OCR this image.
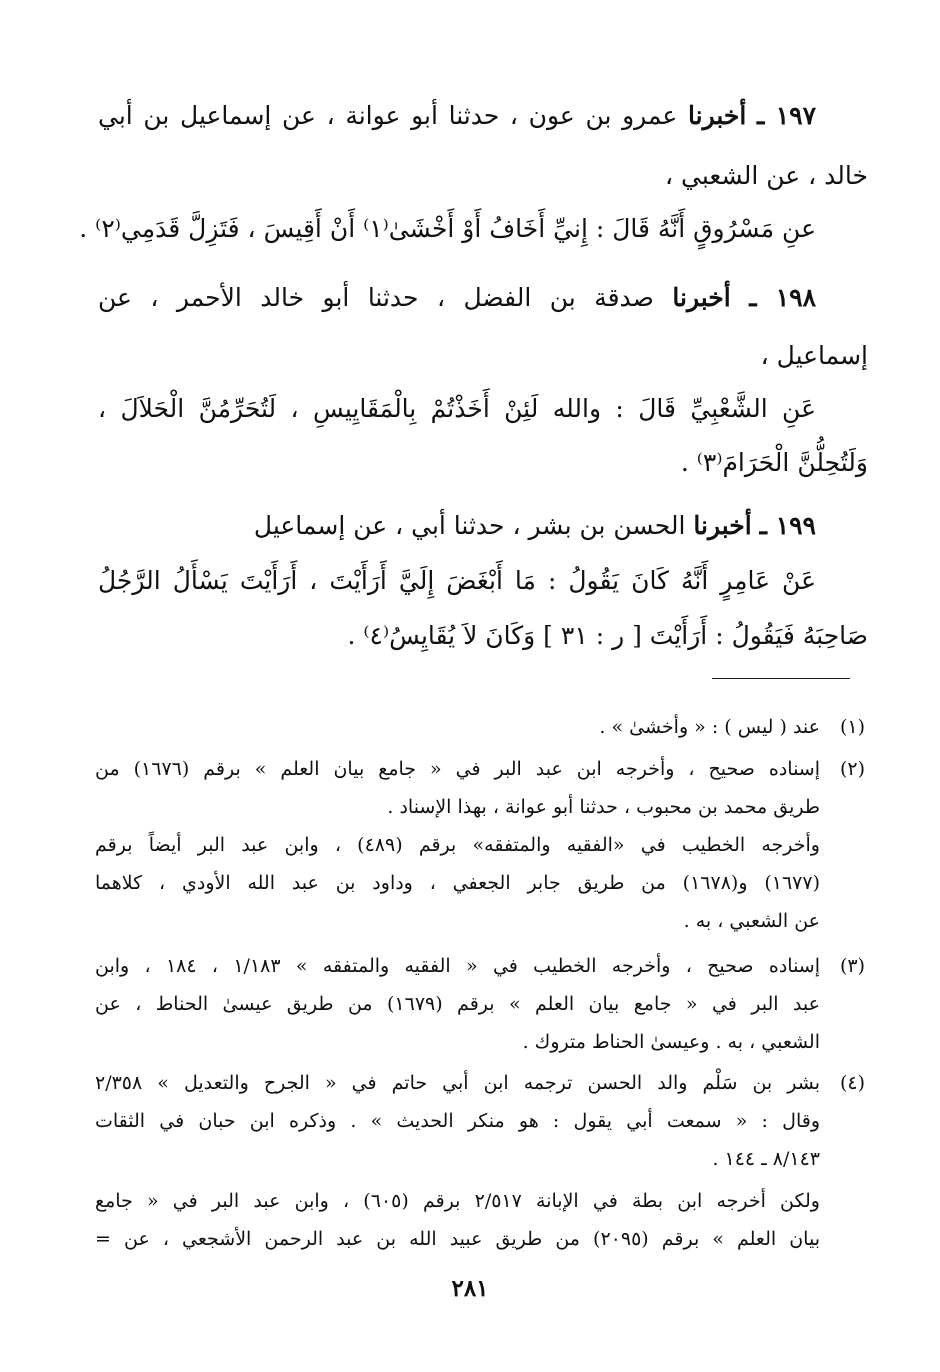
١٩٧ ـ أخبرنا عمرو بن عون ، حدثنا أبو عوانة ، عن إسماعيل بن أبي
خالد ، عن الشعبي ،
عنِ مَسْرُوقٍ أَنَّهُ قَالَ : إِنيِّ أَخَافُ أَوْ أَخْشَىٰ⁽١⁾ أَنْ أَقِيسَ ، فَتَزِلَّ قَدَمِي⁽٢⁾ .
١٩٨ ـ أخبرنا صدقة بن الفضل ، حدثنا أبو خالد الأحمر ، عن
إسماعيل ،
عَنِ الشَّعْبِيِّ قَالَ : والله لَئِنْ أَخَذْتُمْ بِالْمَقَايِيسِ ، لَتُحَرِّمُنَّ الْحَلاَلَ ،
وَلَتُحِلُّنَّ الْحَرَامَ⁽٣⁾ .
١٩٩ ـ أخبرنا الحسن بن بشر ، حدثنا أبي ، عن إسماعيل
عَنْ عَامِرٍ أَنَّهُ كَانَ يَقُولُ : مَا أَبْغَضَ إِلَيَّ أَرَأَيْتَ ، أَرَأَيْتَ يَسْأَلُ الرَّجُلُ
صَاحِبَهُ فَيَقُولُ : أَرَأَيْتَ [ ر : ٣١ ] وَكَانَ لاَ يُقَايِسُ⁽٤⁾ .
(١)
عند ( ليس ) : « وأخشىٰ » .
(٢)
إسناده صحيح ، وأخرجه ابن عبد البر في « جامع بيان العلم » برقم (١٦٧٦) من
طريق محمد بن محبوب ، حدثنا أبو عوانة ، بهذا الإسناد .
وأخرجه الخطيب في «الفقيه والمتفقه» برقم (٤٨٩) ، وابن عبد البر أيضاً برقم
(١٦٧٧) و(١٦٧٨) من طريق جابر الجعفي ، وداود بن عبد الله الأودي ، كلاهما
عن الشعبي ، به .
(٣)
إسناده صحيح ، وأخرجه الخطيب في « الفقيه والمتفقه » ١/١٨٣ ، ١٨٤ ، وابن
عبد البر في « جامع بيان العلم » برقم (١٦٧٩) من طريق عيسىٰ الحناط ، عن
الشعبي ، به . وعيسىٰ الحناط متروك .
(٤)
بشر بن سَلْم والد الحسن ترجمه ابن أبي حاتم في « الجرح والتعديل » ٢/٣٥٨
وقال : « سمعت أبي يقول : هو منكر الحديث » . وذكره ابن حبان في الثقات
٨/١٤٣ ـ ١٤٤ .
ولكن أخرجه ابن بطة في الإبانة ٢/٥١٧ برقم (٦٠٥) ، وابن عبد البر في « جامع
بيان العلم » برقم (٢٠٩٥) من طريق عبيد الله بن عبد الرحمن الأشجعي ، عن =
٢٨١
